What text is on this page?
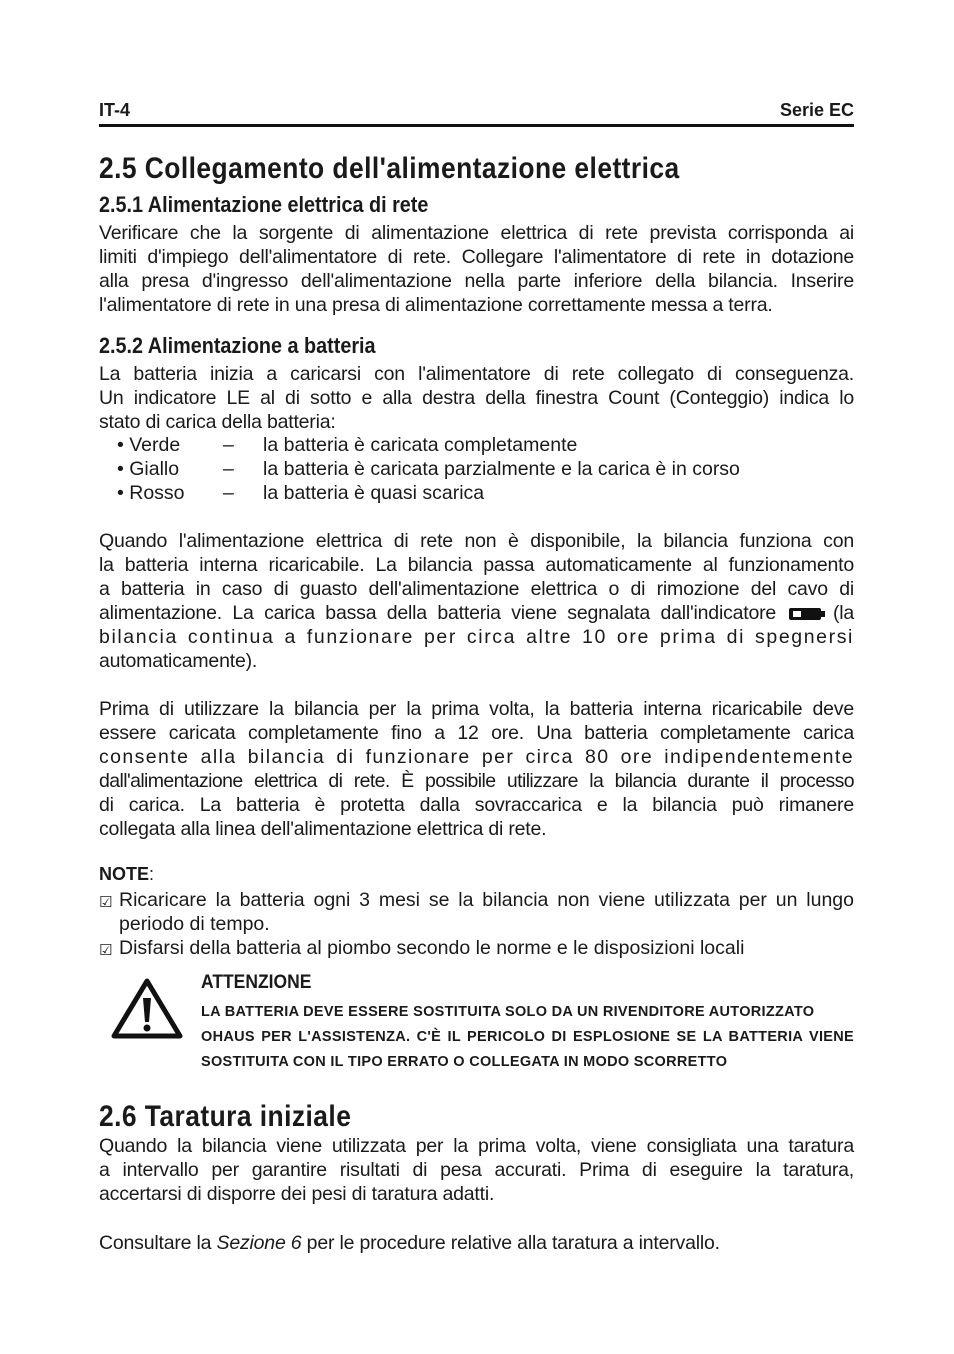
IT-4	Serie EC
2.5 Collegamento dell'alimentazione elettrica
2.5.1 Alimentazione elettrica di rete
Verificare che la sorgente di alimentazione elettrica di rete prevista corrisponda ai
limiti d'impiego dell'alimentatore di rete. Collegare l'alimentatore di rete in dotazione
alla presa d'ingresso dell'alimentazione nella parte inferiore della bilancia. Inserire
l'alimentatore di rete in una presa di alimentazione correttamente messa a terra.
2.5.2 Alimentazione a batteria
La batteria inizia a caricarsi con l'alimentatore di rete collegato di conseguenza.
Un indicatore LE al di sotto e alla destra della finestra Count (Conteggio) indica lo
stato di carica della batteria:
• Verde	–	la batteria è caricata completamente
• Giallo	–	la batteria è caricata parzialmente e la carica è in corso
• Rosso	–	la batteria è quasi scarica
Quando l'alimentazione elettrica di rete non è disponibile, la bilancia funziona con
la batteria interna ricaricabile. La bilancia passa automaticamente al funzionamento
a batteria in caso di guasto dell'alimentazione elettrica o di rimozione del cavo di
alimentazione. La carica bassa della batteria viene segnalata dall'indicatore	(la
bilancia continua a funzionare per circa altre 10 ore prima di spegnersi
automaticamente).
Prima di utilizzare la bilancia per la prima volta, la batteria interna ricaricabile deve
essere caricata completamente fino a 12 ore. Una batteria completamente carica
consente alla bilancia di funzionare per circa 80 ore indipendentemente
dall'alimentazione elettrica di rete. È possibile utilizzare la bilancia durante il processo
di carica. La batteria è protetta dalla sovraccarica e la bilancia può rimanere
collegata alla linea dell'alimentazione elettrica di rete.
NOTE:
☑ Ricaricare la batteria ogni 3 mesi se la bilancia non viene utilizzata per un lungo
periodo di tempo.
☑ Disfarsi della batteria al piombo secondo le norme e le disposizioni locali
ATTENZIONE
LA BATTERIA DEVE ESSERE SOSTITUITA SOLO DA UN RIVENDITORE AUTORIZZATO
OHAUS PER L'ASSISTENZA. C'È IL PERICOLO DI ESPLOSIONE SE LA BATTERIA VIENE
SOSTITUITA CON IL TIPO ERRATO O COLLEGATA IN MODO SCORRETTO
2.6 Taratura iniziale
Quando la bilancia viene utilizzata per la prima volta, viene consigliata una taratura
a intervallo per garantire risultati di pesa accurati. Prima di eseguire la taratura,
accertarsi di disporre dei pesi di taratura adatti.
Consultare la Sezione 6 per le procedure relative alla taratura a intervallo.
